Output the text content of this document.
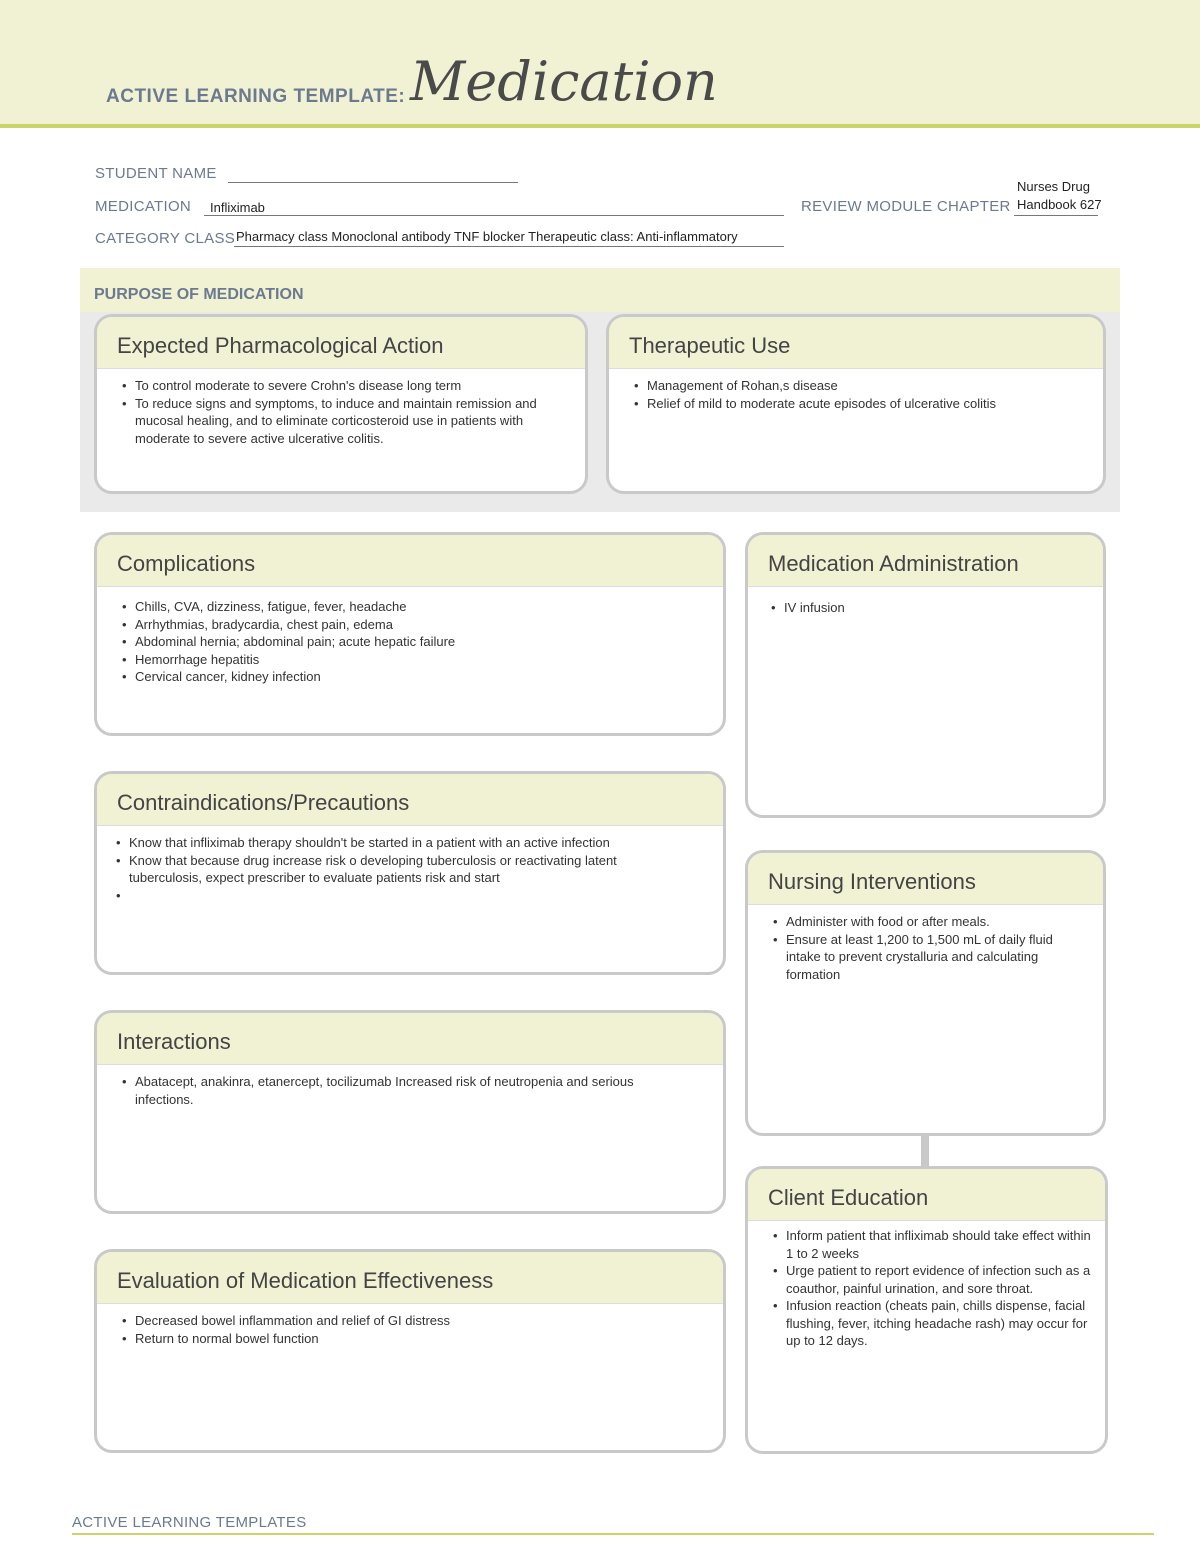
ACTIVE LEARNING TEMPLATE: Medication
STUDENT NAME
MEDICATION Infliximab	REVIEW MODULE CHAPTER
Nurses Drug
Handbook 627
CATEGORY CLASS Pharmacy class Monoclonal antibody TNF blocker Therapeutic class: Anti-inflammatory
PURPOSE OF MEDICATION
Expected Pharmacological Action
• To control moderate to severe Crohn's disease long term
• To reduce signs and symptoms, to induce and maintain remission and mucosal healing, and to eliminate corticosteroid use in patients with moderate to severe active ulcerative colitis.
Therapeutic Use
• Management of Rohan,s disease
• Relief of mild to moderate acute episodes of ulcerative colitis
Complications
• Chills, CVA, dizziness, fatigue, fever, headache
• Arrhythmias, bradycardia, chest pain, edema
• Abdominal hernia; abdominal pain; acute hepatic failure
• Hemorrhage hepatitis
• Cervical cancer, kidney infection
Contraindications/Precautions
• Know that infliximab therapy shouldn't be started in a patient with an active infection
• Know that because drug increase risk o developing tuberculosis or reactivating latent tuberculosis, expect prescriber to evaluate patients risk and start
•
Interactions
• Abatacept, anakinra, etanercept, tocilizumab Increased risk of neutropenia and serious infections.
Evaluation of Medication Effectiveness
• Decreased bowel inflammation and relief of GI distress
• Return to normal bowel function
Medication Administration
• IV infusion
Nursing Interventions
• Administer with food or after meals.
• Ensure at least 1,200 to 1,500 mL of daily fluid intake to prevent crystalluria and calculating formation
Client Education
• Inform patient that infliximab should take effect within 1 to 2 weeks
• Urge patient to report evidence of infection such as a coauthor, painful urination, and sore throat.
• Infusion reaction (cheats pain, chills dispense, facial flushing, fever, itching headache rash) may occur for up to 12 days.
ACTIVE LEARNING TEMPLATES
